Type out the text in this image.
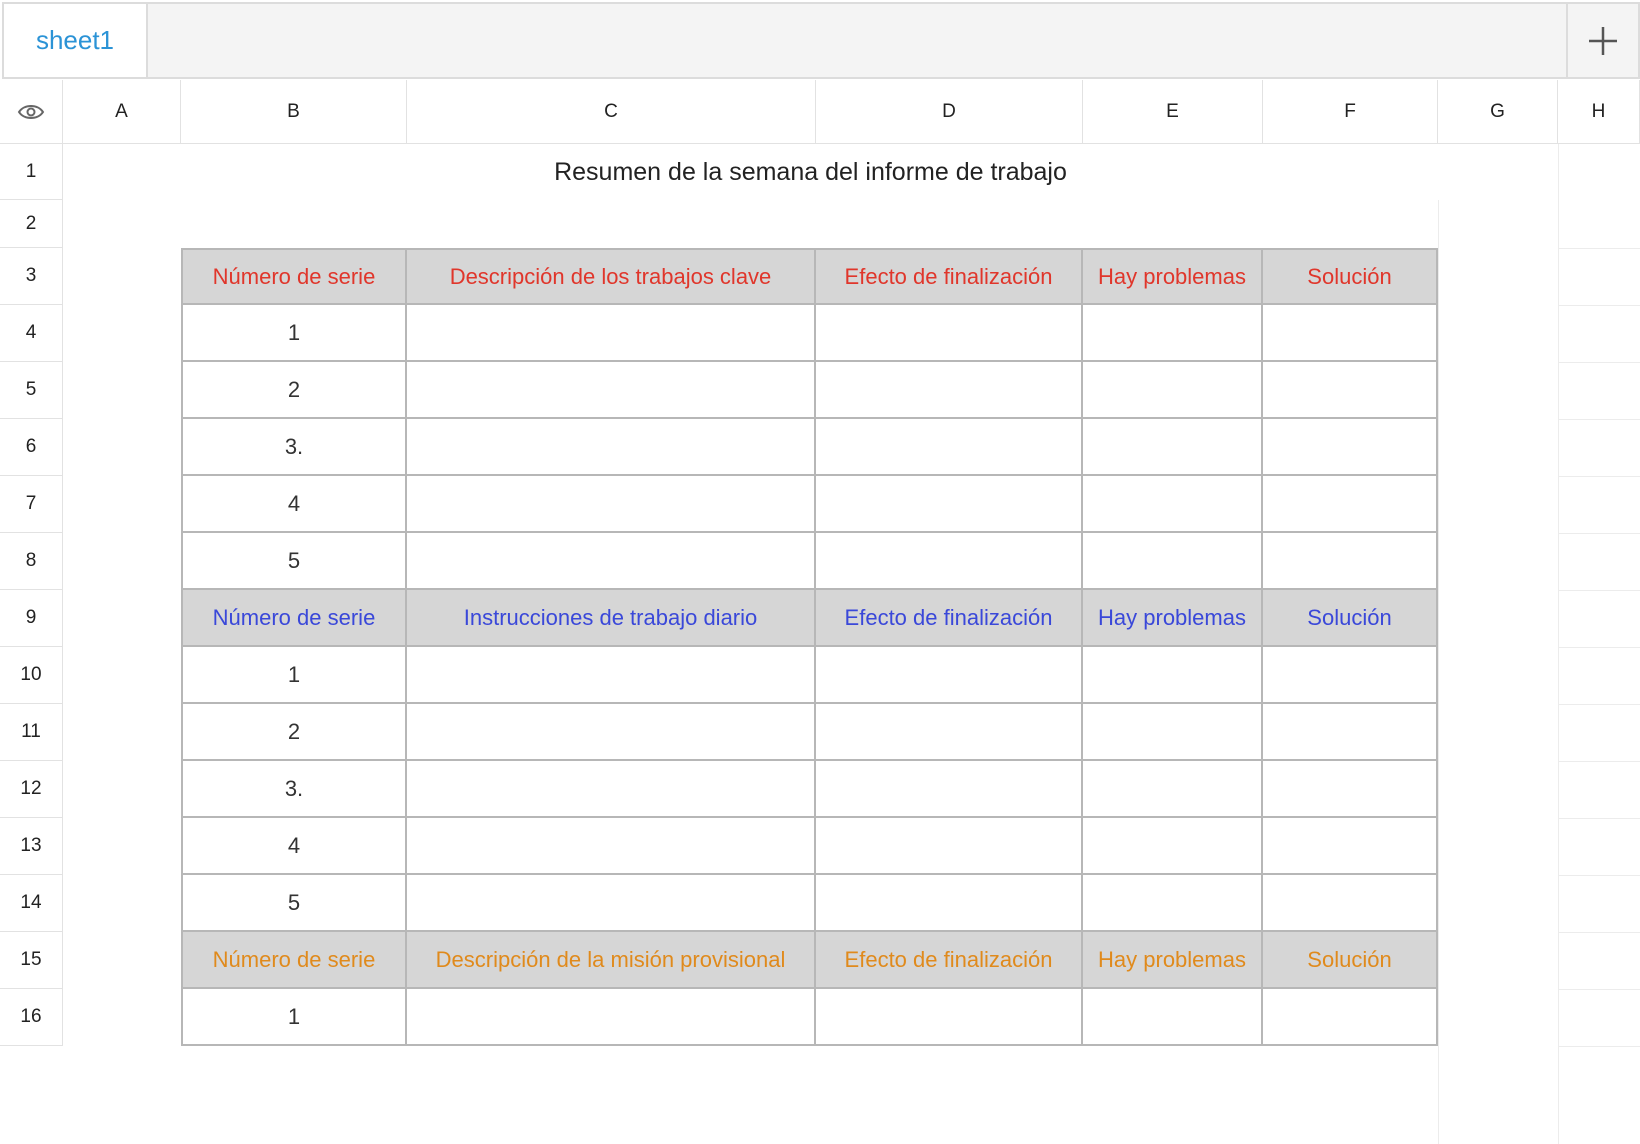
sheet1
A	B	C	D	E	F	G	H
1
2
3
4
5
6
7
8
9
10
11
12
13
14
15
16
Resumen de la semana del informe de trabajo
Número de serie	Descripción de los trabajos clave	Efecto de finalización	Hay problemas	Solución
1
2
3.
4
5
Número de serie	Instrucciones de trabajo diario	Efecto de finalización	Hay problemas	Solución
1
2
3.
4
5
Número de serie	Descripción de la misión provisional	Efecto de finalización	Hay problemas	Solución
1
